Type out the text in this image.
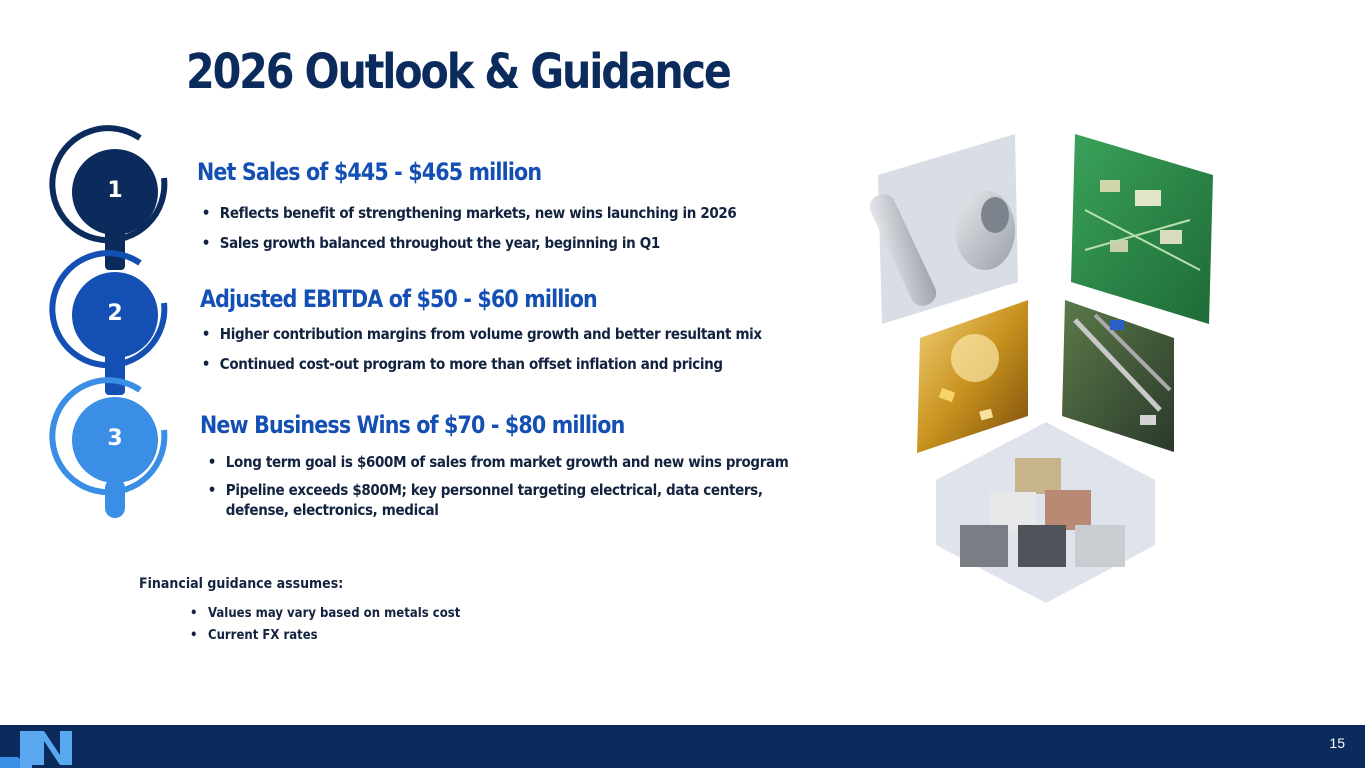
2026 Outlook & Guidance
1
2
3
Net Sales of $445 - $465 million
• Reflects benefit of strengthening markets, new wins launching in 2026
• Sales growth balanced throughout the year, beginning in Q1
Adjusted EBITDA of $50 - $60 million
• Higher contribution margins from volume growth and better resultant mix
• Continued cost-out program to more than offset inflation and pricing
New Business Wins of $70 - $80 million
• Long term goal is $600M of sales from market growth and new wins program
• Pipeline exceeds $800M; key personnel targeting electrical, data centers, defense, electronics, medical
Financial guidance assumes:
• Values may vary based on metals cost
• Current FX rates
15
